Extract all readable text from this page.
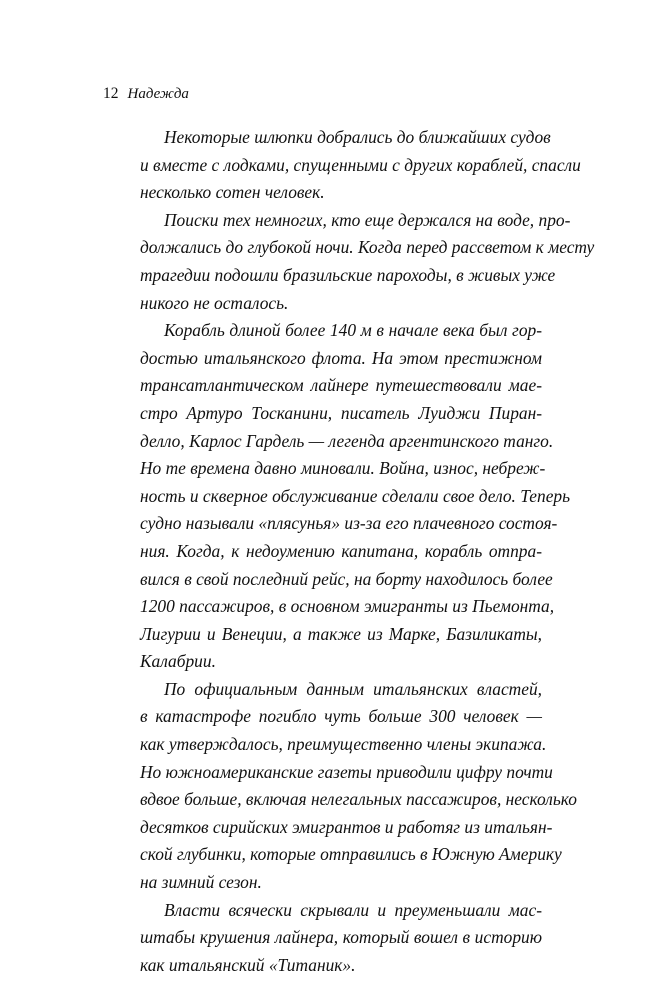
12 Надежда

Некоторые шлюпки добрались до ближайших судов
и вместе с лодками, спущенными с других кораблей, спасли
несколько сотен человек.

Поиски тех немногих, кто еще держался на воде, про-
должались до глубокой ночи. Когда перед рассветом к месту
трагедии подошли бразильские пароходы, в живых уже
никого не осталось.

Корабль длиной более 140 м в начале века был гор-
достью итальянского флота. На этом престижном
трансатлантическом лайнере путешествовали мае-
стро Артуро Тосканини, писатель Луиджи Пиран-
делло, Карлос Гардель — легенда аргентинского танго.
Но те времена давно миновали. Война, износ, небреж-
ность и скверное обслуживание сделали свое дело. Теперь
судно называли «плясунья» из-за его плачевного состоя-
ния. Когда, к недоумению капитана, корабль отпра-
вился в свой последний рейс, на борту находилось более
1200 пассажиров, в основном эмигранты из Пьемонта,
Лигурии и Венеции, а также из Марке, Базиликаты,
Калабрии.

По официальным данным итальянских властей,
в катастрофе погибло чуть больше 300 человек —
как утверждалось, преимущественно члены экипажа.
Но южноамериканские газеты приводили цифру почти
вдвое больше, включая нелегальных пассажиров, несколько
десятков сирийских эмигрантов и работяг из итальян-
ской глубинки, которые отправились в Южную Америку
на зимний сезон.

Власти всячески скрывали и преуменьшали мас-
штабы крушения лайнера, который вошел в историю
как итальянский «Титаник».
